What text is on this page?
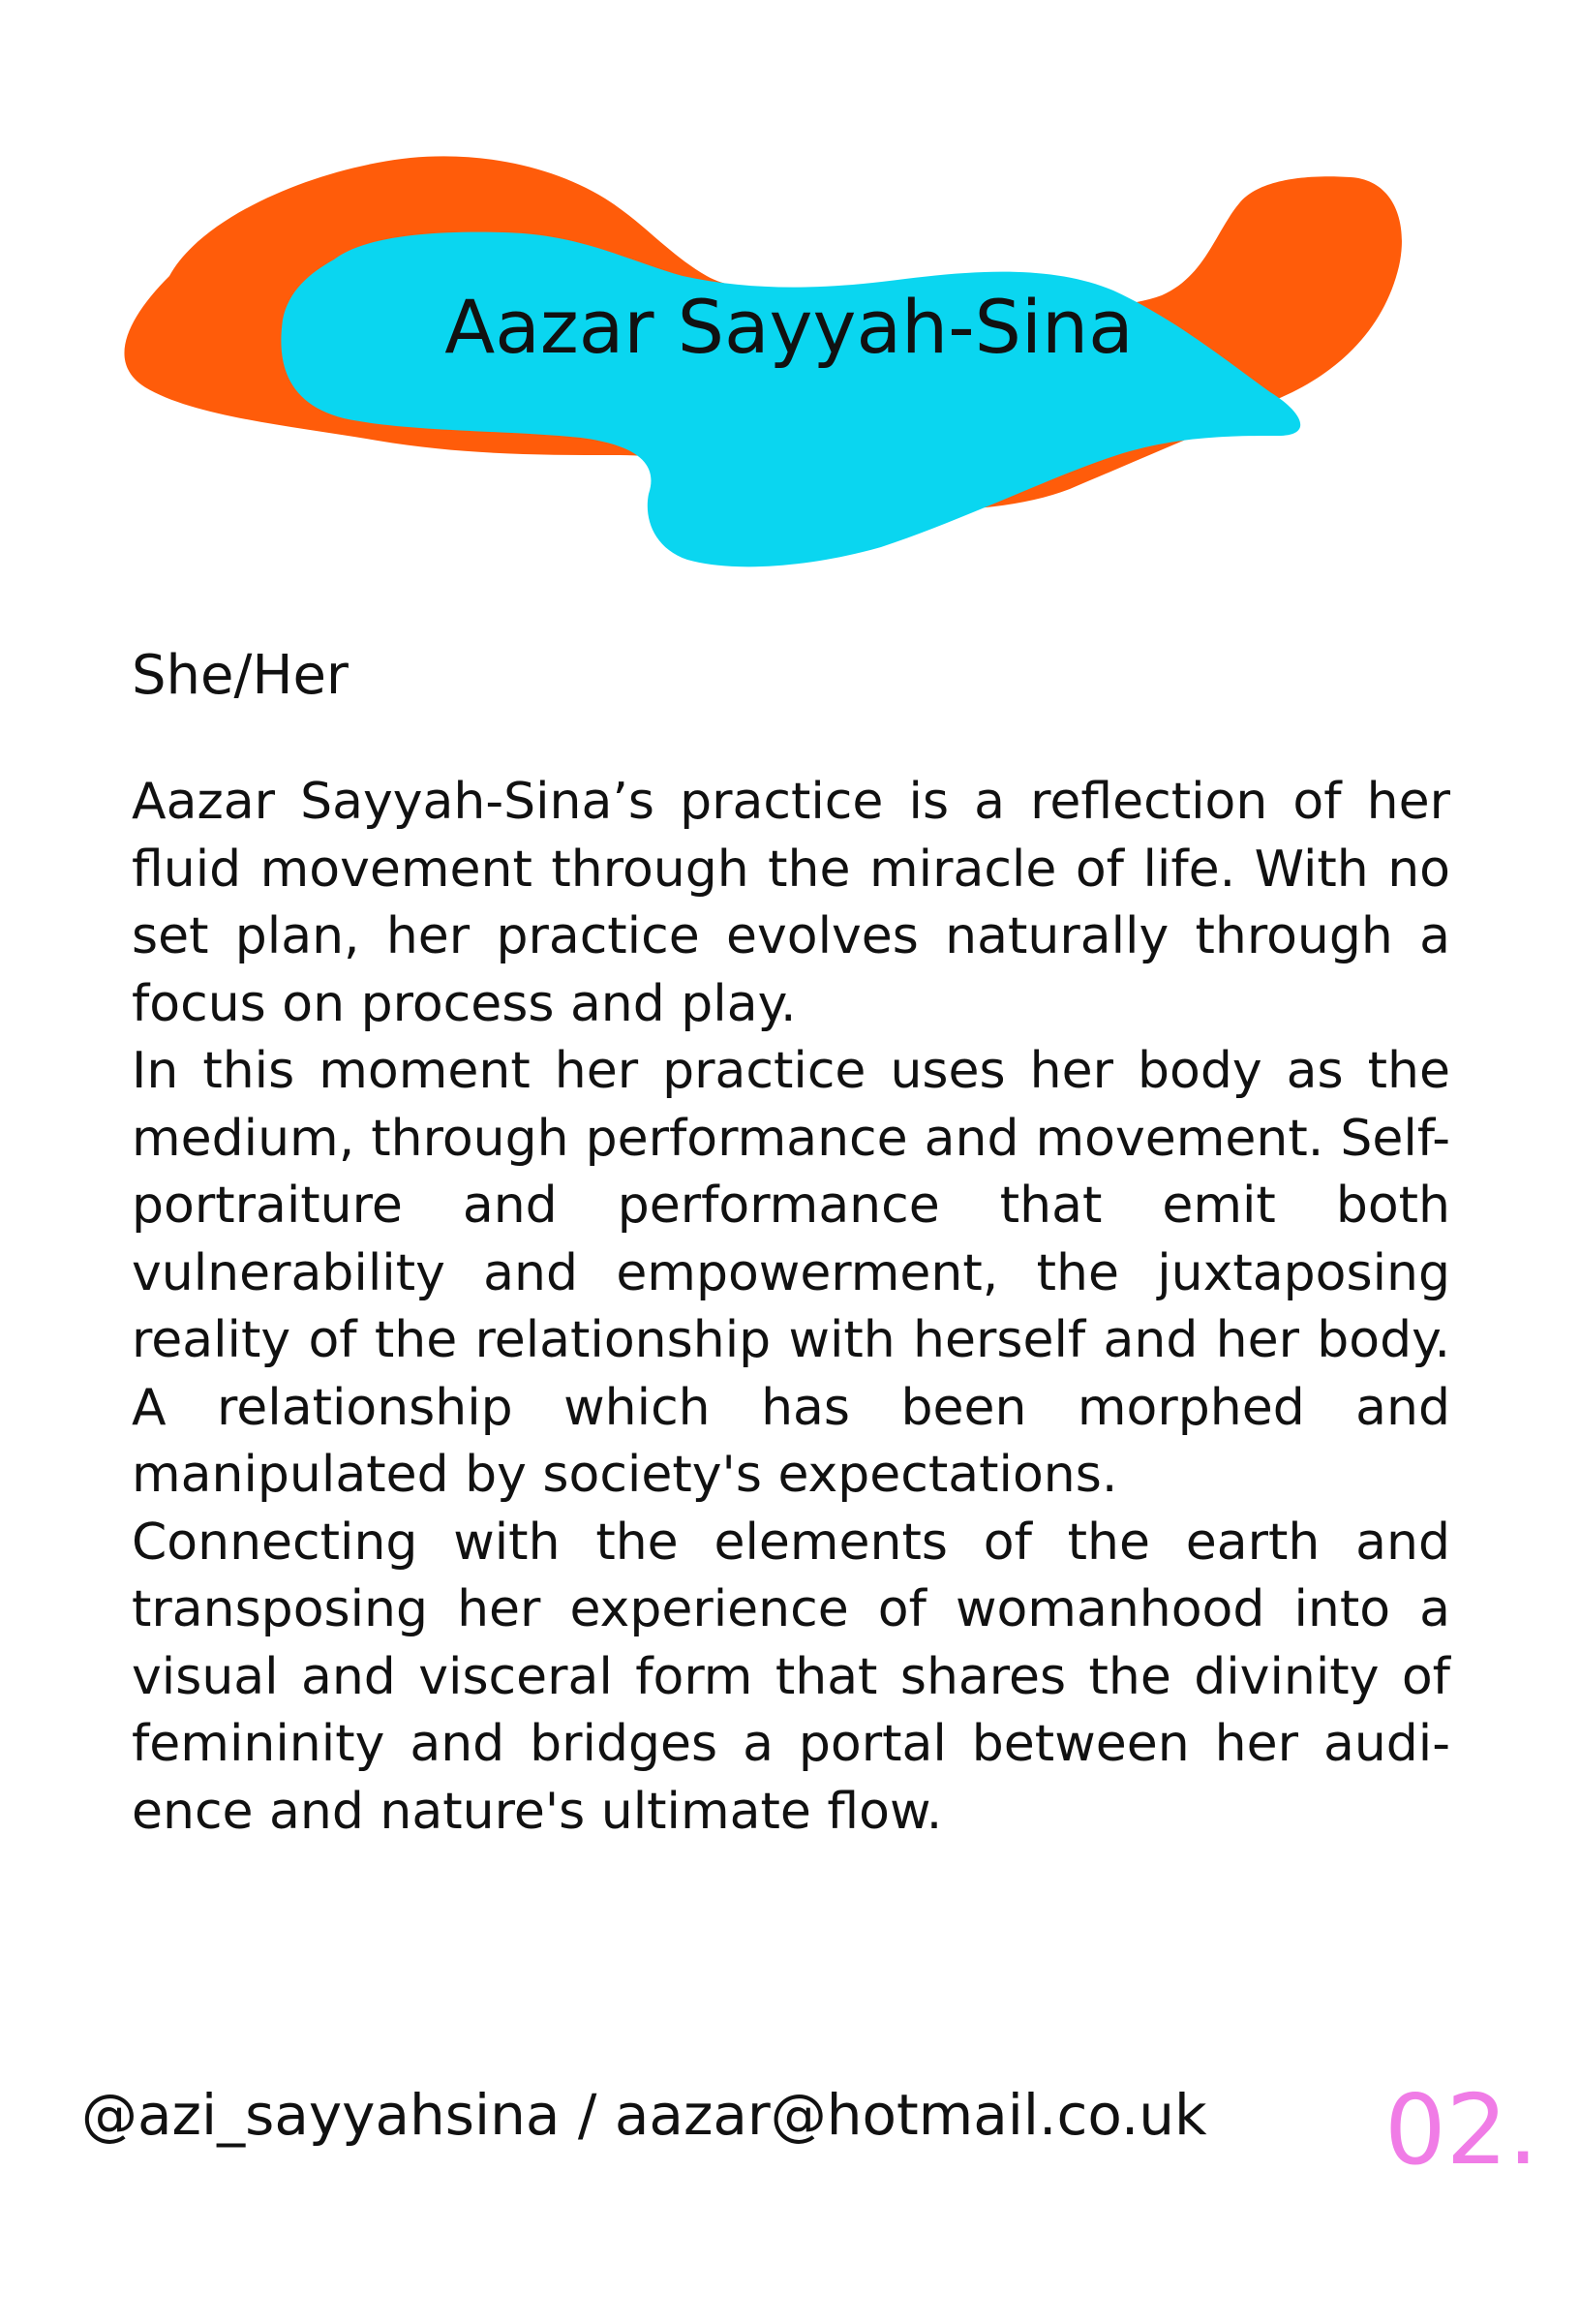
Aazar Sayyah-Sina
She/Her

Aazar Sayyah-Sina’s practice is a reflection of her fluid movement through the miracle of life. With no set plan, her practice evolves naturally through a focus on process and play.

In this moment her practice uses her body as the medium, through performance and movement. Self-portraiture and performance that emit both vulnerability and empowerment, the juxtaposing reality of the relationship with herself and her body. A relationship which has been morphed and manipulated by society's expectations.

Connecting with the elements of the earth and transposing her experience of womanhood into a visual and visceral form that shares the divinity of femininity and bridges a portal between her audience and nature's ultimate flow.

@azi_sayyahsina / aazar@hotmail.co.uk 02.
